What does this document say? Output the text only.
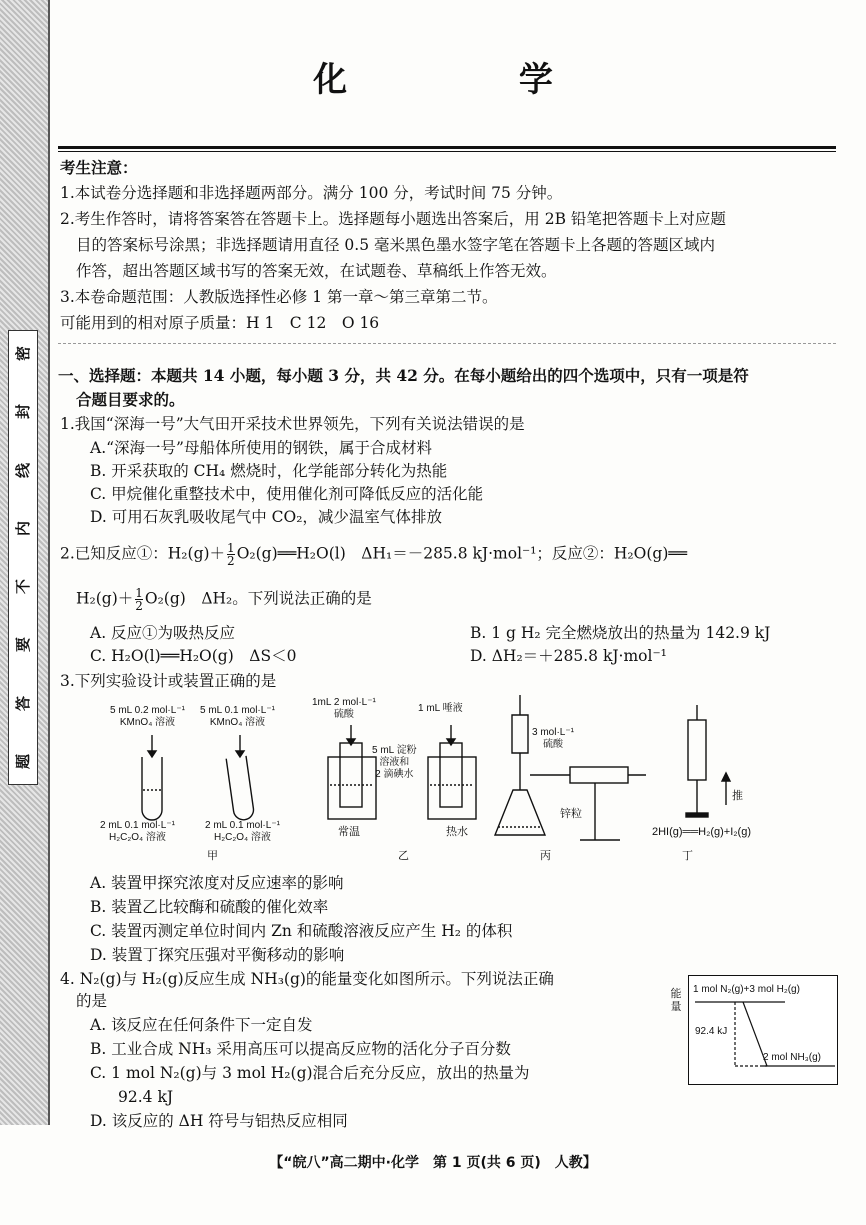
密
封
线
内
不
要
答
题
化 学
考生注意：
1.本试卷分选择题和非选择题两部分。满分 100 分，考试时间 75 分钟。
2.考生作答时，请将答案答在答题卡上。选择题每小题选出答案后，用 2B 铅笔把答题卡上对应题
目的答案标号涂黑；非选择题请用直径 0.5 毫米黑色墨水签字笔在答题卡上各题的答题区域内
作答，超出答题区域书写的答案无效，在试题卷、草稿纸上作答无效。
3.本卷命题范围：人教版选择性必修 1 第一章～第三章第二节。
可能用到的相对原子质量：H 1　C 12　O 16
一、选择题：本题共 14 小题，每小题 3 分，共 42 分。在每小题给出的四个选项中，只有一项是符
合题目要求的。
1.我国“深海一号”大气田开采技术世界领先，下列有关说法错误的是
A.“深海一号”母船体所使用的钢铁，属于合成材料
B. 开采获取的 CH₄ 燃烧时，化学能部分转化为热能
C. 甲烷催化重整技术中，使用催化剂可降低反应的活化能
D. 可用石灰乳吸收尾气中 CO₂，减少温室气体排放
2.已知反应①：$H_2(g)+ \frac{1}{2}$ O₂(g)══H₂O(l)　ΔH₁＝－285.8 kJ·mol⁻¹；反应②：H₂O(g)══
$H_2(g)+ \frac{1}{2} O_2(g)$　ΔH₂。下列说法正确的是
A. 反应①为吸热反应	B. 1 g H₂ 完全燃烧放出的热量为 142.9 kJ
C. H₂O(l)══H₂O(g)　ΔS＜0	D. ΔH₂＝＋285.8 kJ·mol⁻¹
3.下列实验设计或装置正确的是
5 mL 0.2 mol·L⁻¹
KMnO₄ 溶液
5 mL 0.1 mol·L⁻¹
KMnO₄ 溶液
2 mL 0.1 mol·L⁻¹
H₂C₂O₄ 溶液
2 mL 0.1 mol·L⁻¹
H₂C₂O₄ 溶液
甲
1mL 2 mol·L⁻¹
硫酸
1 mL 唾液
5 mL 淀粉
溶液和
2 滴碘水
常温	热水
乙
3 mol·L⁻¹
硫酸
锌粒
丙
推
2HI(g)══H₂(g)+I₂(g)
丁
A. 装置甲探究浓度对反应速率的影响
B. 装置乙比较酶和硫酸的催化效率
C. 装置丙测定单位时间内 Zn 和硫酸溶液反应产生 H₂ 的体积
D. 装置丁探究压强对平衡移动的影响
4. N₂(g)与 H₂(g)反应生成 NH₃(g)的能量变化如图所示。下列说法正确
的是
A. 该反应在任何条件下一定自发
B. 工业合成 NH₃ 采用高压可以提高反应物的活化分子百分数
C. 1 mol N₂(g)与 3 mol H₂(g)混合后充分反应，放出的热量为
92.4 kJ
D. 该反应的 ΔH 符号与铝热反应相同
1 mol N₂(g)+3 mol H₂(g)
92.4 kJ
2 mol NH₃(g)
能量
【“皖八”高二期中·化学　第 1 页(共 6 页)　人教】
